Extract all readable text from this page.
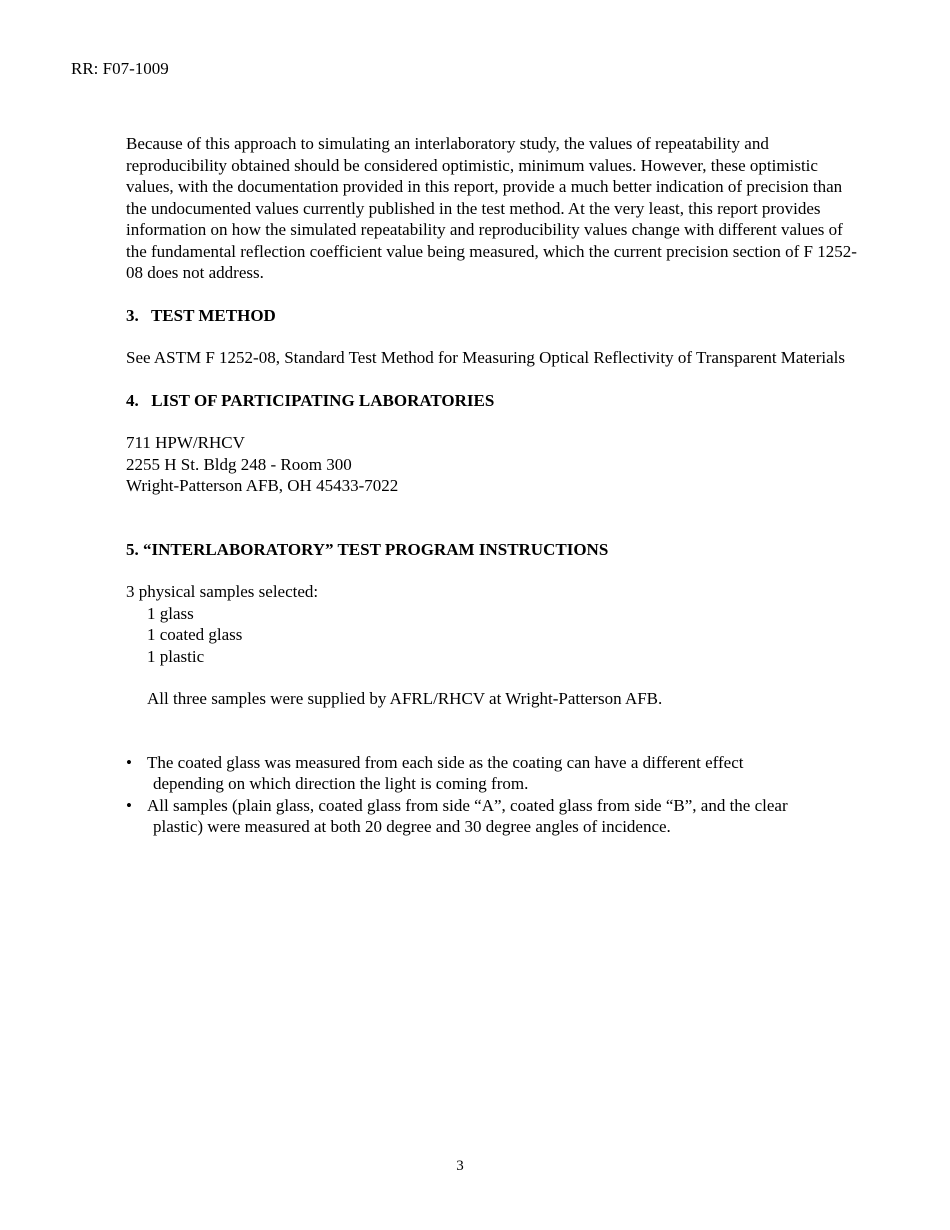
RR: F07-1009

Because of this approach to simulating an interlaboratory study, the values of repeatability and reproducibility obtained should be considered optimistic, minimum values. However, these optimistic values, with the documentation provided in this report, provide a much better indication of precision than the undocumented values currently published in the test method. At the very least, this report provides information on how the simulated repeatability and reproducibility values change with different values of the fundamental reflection coefficient value being measured, which the current precision section of F 1252-08 does not address.

3. TEST METHOD

See ASTM F 1252-08, Standard Test Method for Measuring Optical Reflectivity of Transparent Materials

4. LIST OF PARTICIPATING LABORATORIES

711 HPW/RHCV
2255 H St. Bldg 248 - Room 300
Wright-Patterson AFB, OH 45433-7022

5. “INTERLABORATORY” TEST PROGRAM INSTRUCTIONS

3 physical samples selected:
1 glass
1 coated glass
1 plastic

All three samples were supplied by AFRL/RHCV at Wright-Patterson AFB.

• The coated glass was measured from each side as the coating can have a different effect
depending on which direction the light is coming from.
• All samples (plain glass, coated glass from side “A”, coated glass from side “B”, and the clear
plastic) were measured at both 20 degree and 30 degree angles of incidence.

3
